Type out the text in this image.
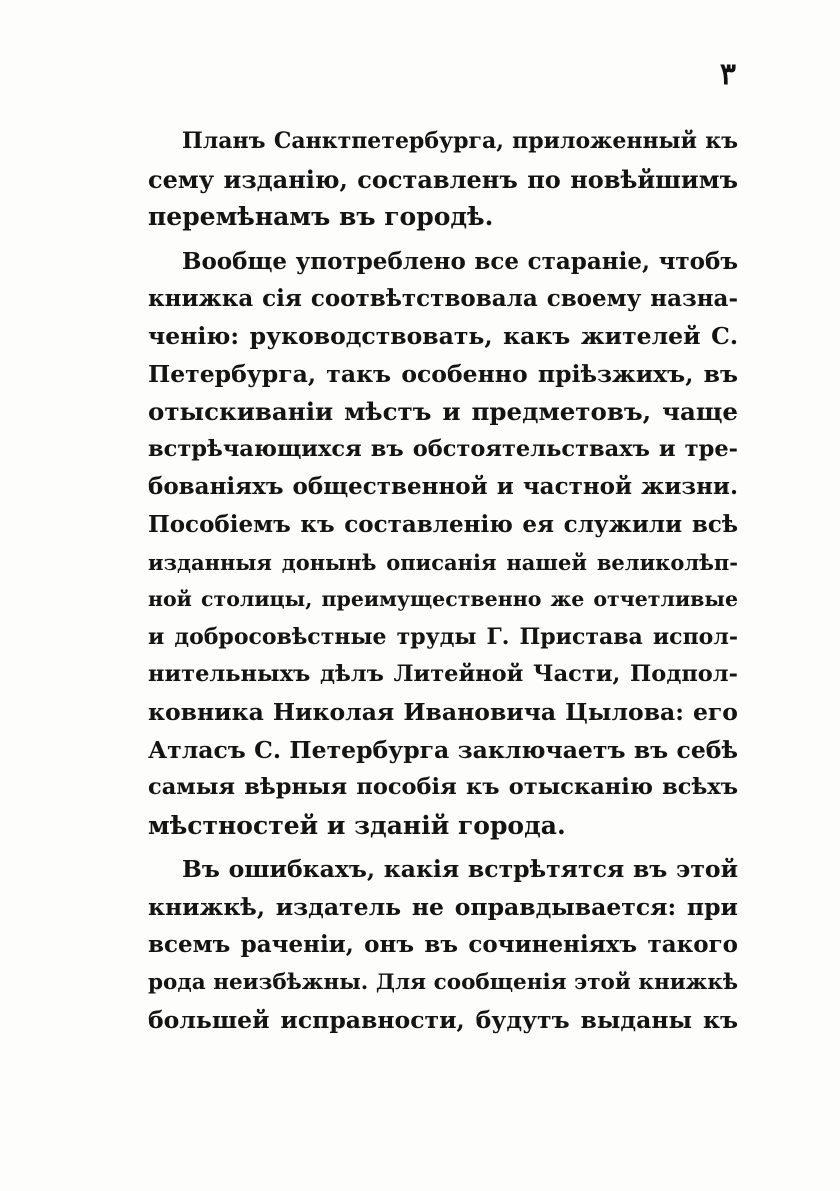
٣
Планъ Санктпетербурга, приложенный къ
сему изданію, составленъ по новѣйшимъ
перемѣнамъ въ городѣ.
Вообще употреблено все стараніе, чтобъ
книжка сія соотвѣтствовала своему назна-
ченію: руководствовать, какъ жителей С.
Петербурга, такъ особенно пріѣзжихъ, въ
отыскиваніи мѣстъ и предметовъ, чаще
встрѣчающихся въ обстоятельствахъ и тре-
бованіяхъ общественной и частной жизни.
Пособіемъ къ составленію ея служили всѣ
изданныя донынѣ описанія нашей великолѣп-
ной столицы, преимущественно же отчетливые
и добросовѣстные труды Г. Пристава испол-
нительныхъ дѣлъ Литейной Части, Подпол-
ковника Николая Ивановича Цылова: его
Атласъ С. Петербурга заключаетъ въ себѣ
самыя вѣрныя пособія къ отысканію всѣхъ
мѣстностей и зданій города.
Въ ошибкахъ, какія встрѣтятся въ этой
книжкѣ, издатель не оправдывается: при
всемъ раченіи, онъ въ сочиненіяхъ такого
рода неизбѣжны. Для сообщенія этой книжкѣ
большей исправности, будутъ выданы къ
